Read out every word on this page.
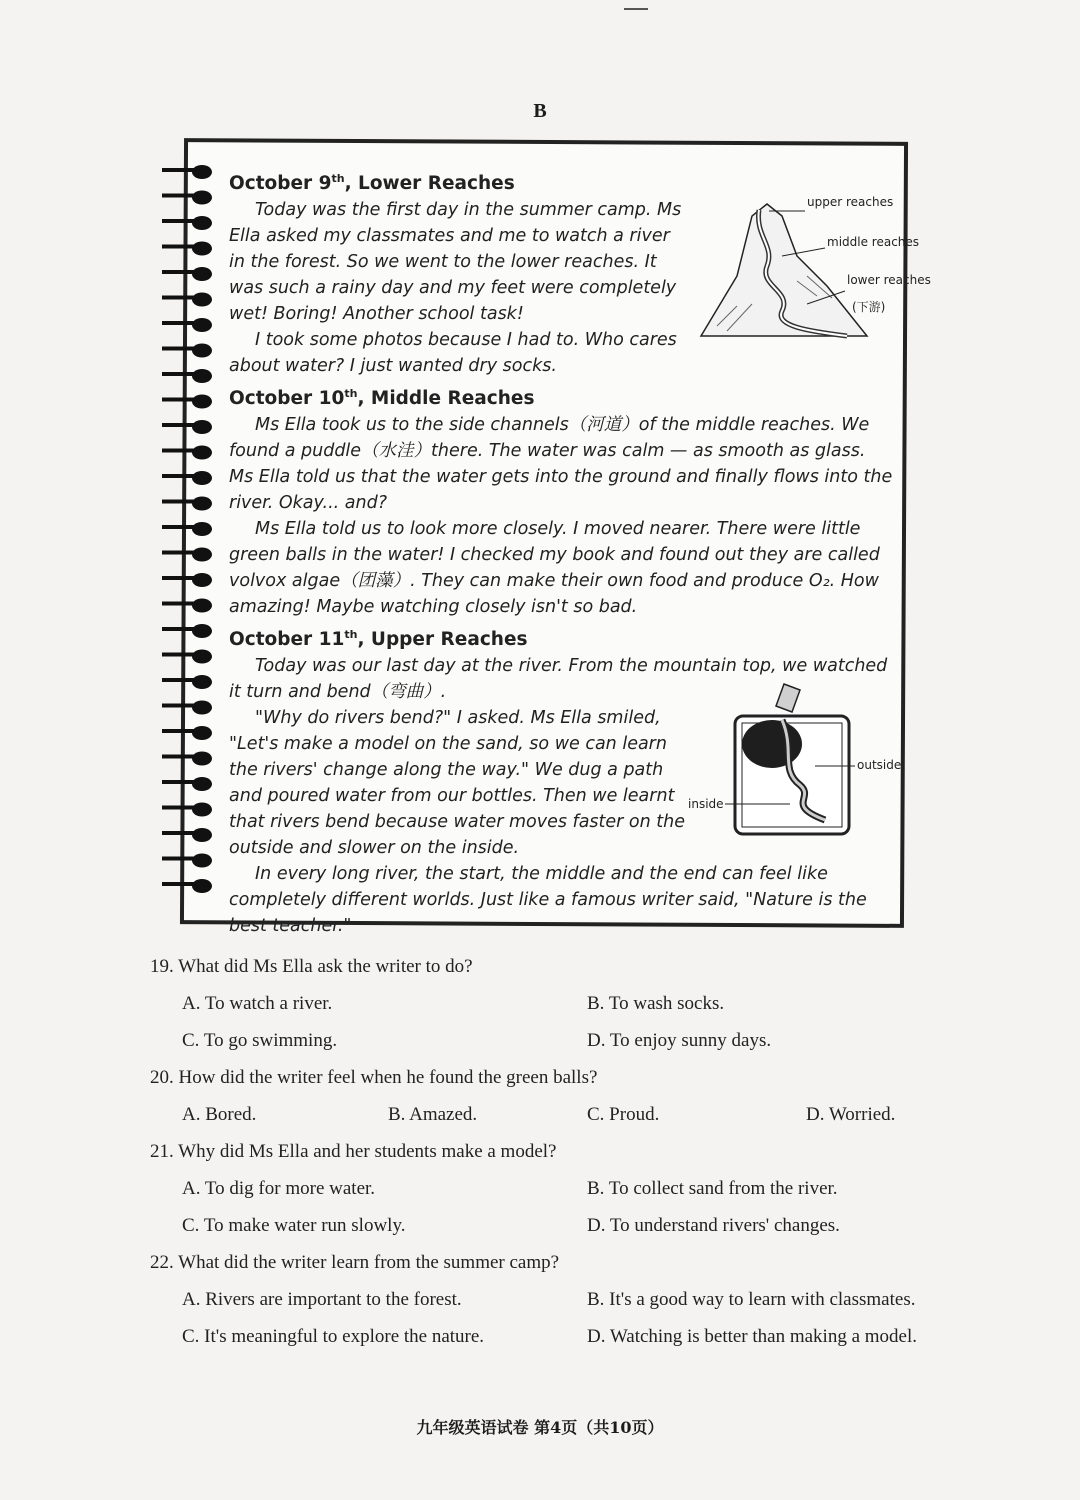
B
October 9th, Lower Reaches

Today was the first day in the summer camp. Ms Ella asked my classmates and me to watch a river in the forest. So we went to the lower reaches. It was such a rainy day and my feet were completely wet! Boring! Another school task!

I took some photos because I had to. Who cares about water? I just wanted dry socks.

October 10th, Middle Reaches

Ms Ella took us to the side channels（河道）of the middle reaches. We found a puddle（水洼）there. The water was calm — as smooth as glass. Ms Ella told us that the water gets into the ground and finally flows into the river. Okay... and?

Ms Ella told us to look more closely. I moved nearer. There were little green balls in the water! I checked my book and found out they are called volvox algae（团藻）. They can make their own food and produce O₂. How amazing! Maybe watching closely isn't so bad.

October 11th, Upper Reaches

Today was our last day at the river. From the mountain top, we watched it turn and bend（弯曲）.

"Why do rivers bend?" I asked. Ms Ella smiled, "Let's make a model on the sand, so we can learn the rivers' change along the way." We dug a path and poured water from our bottles. Then we learnt that rivers bend because water moves faster on the outside and slower on the inside.

In every long river, the start, the middle and the end can feel like completely different worlds. Just like a famous writer said, "Nature is the best teacher."

upper reaches
middle reaches
lower reaches
(下游)
outside
inside
19. What did Ms Ella ask the writer to do?
A. To watch a river.	B. To wash socks.
C. To go swimming.	D. To enjoy sunny days.
20. How did the writer feel when he found the green balls?
A. Bored.	B. Amazed.	C. Proud.	D. Worried.
21. Why did Ms Ella and her students make a model?
A. To dig for more water.	B. To collect sand from the river.
C. To make water run slowly.	D. To understand rivers' changes.
22. What did the writer learn from the summer camp?
A. Rivers are important to the forest.	B. It's a good way to learn with classmates.
C. It's meaningful to explore the nature.	D. Watching is better than making a model.
九年级英语试卷 第4页（共10页）
